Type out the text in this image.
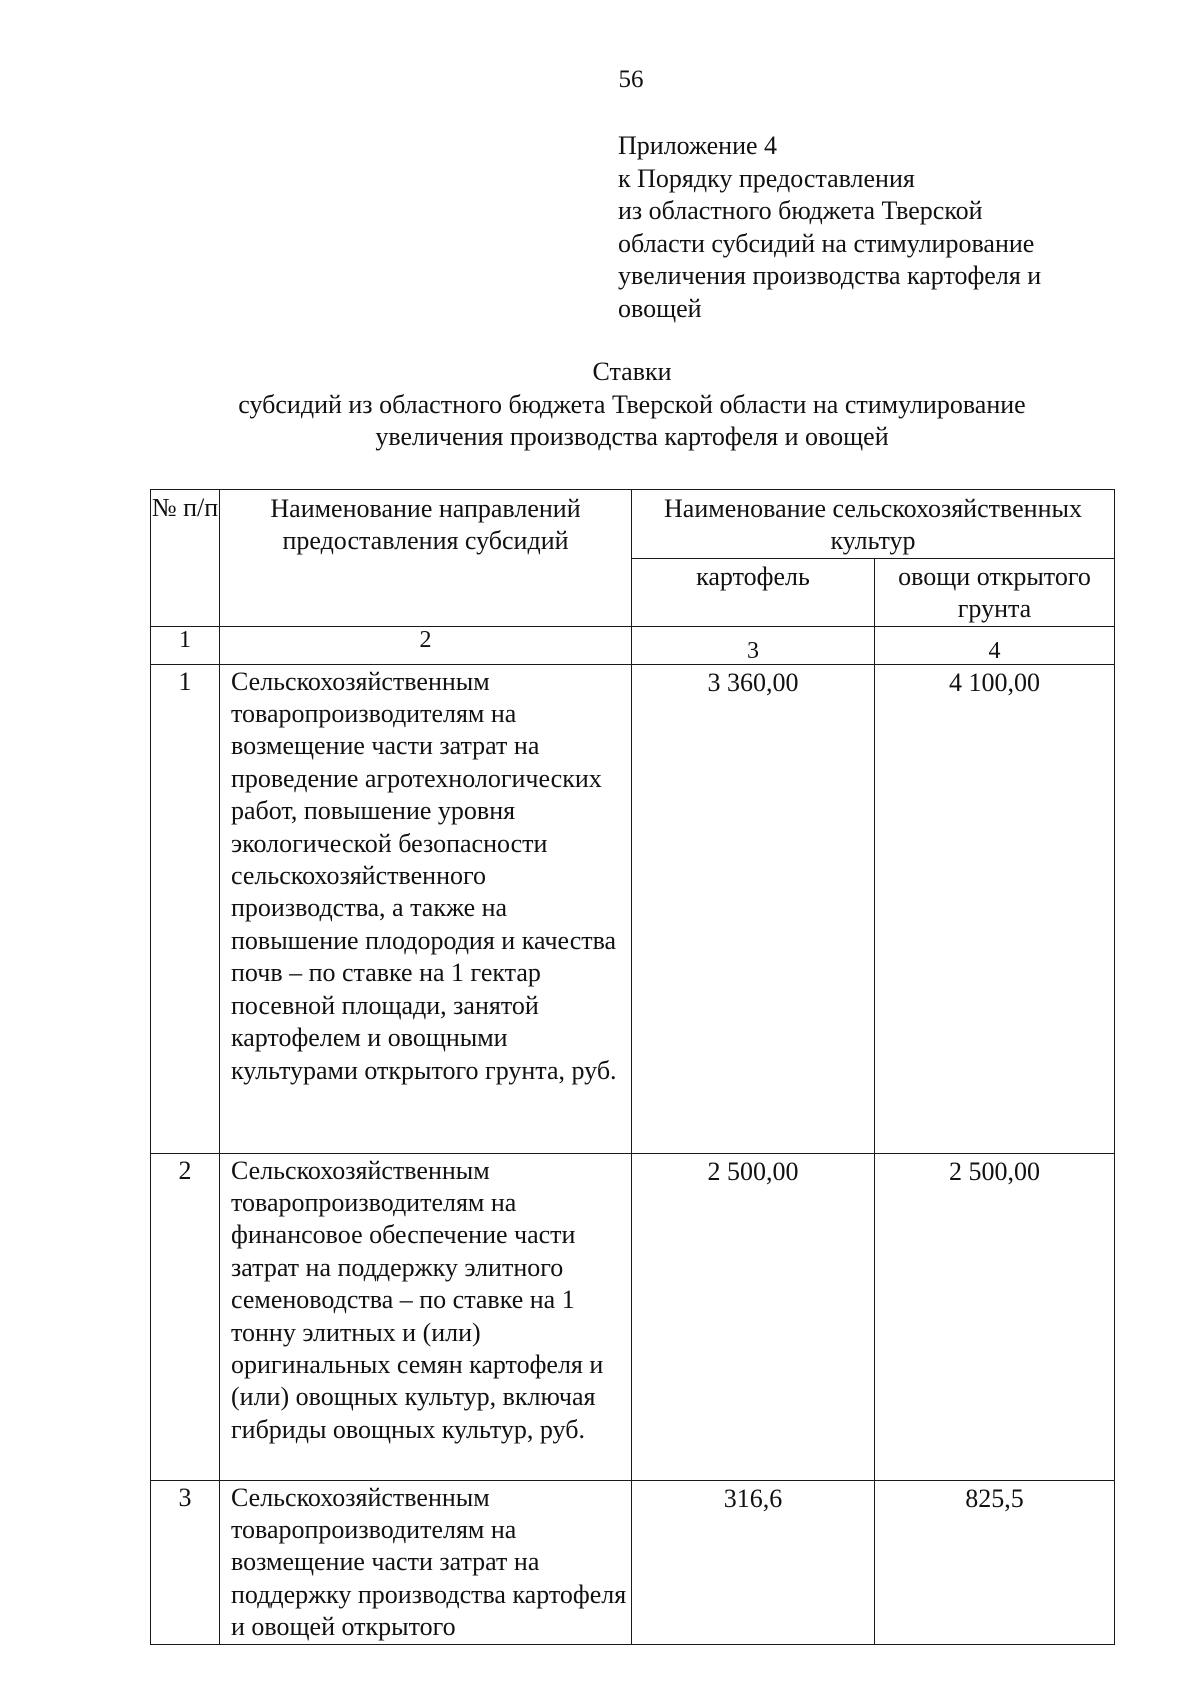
56
Приложение 4
к Порядку предоставления
из областного бюджета Тверской
области субсидий на стимулирование
увеличения производства картофеля и
овощей
Ставки
субсидий из областного бюджета Тверской области на стимулирование
увеличения производства картофеля и овощей
№ п/п	Наименование направлений предоставления субсидий	Наименование сельскохозяйственных культур	
		картофель	овощи открытого грунта
1	2	3	4
1	Сельскохозяйственным товаропроизводителям на возмещение части затрат на проведение агротехнологических работ, повышение уровня экологической безопасности сельскохозяйственного производства, а также на повышение плодородия и качества почв – по ставке на 1 гектар посевной площади, занятой картофелем и овощными культурами открытого грунта, руб.	3 360,00	4 100,00
2	Сельскохозяйственным товаропроизводителям на финансовое обеспечение части затрат на поддержку элитного семеноводства – по ставке на 1 тонну элитных и (или) оригинальных семян картофеля и (или) овощных культур, включая гибриды овощных культур, руб.	2 500,00	2 500,00
3	Сельскохозяйственным товаропроизводителям на возмещение части затрат на поддержку производства картофеля и овощей открытого	316,6	825,5
